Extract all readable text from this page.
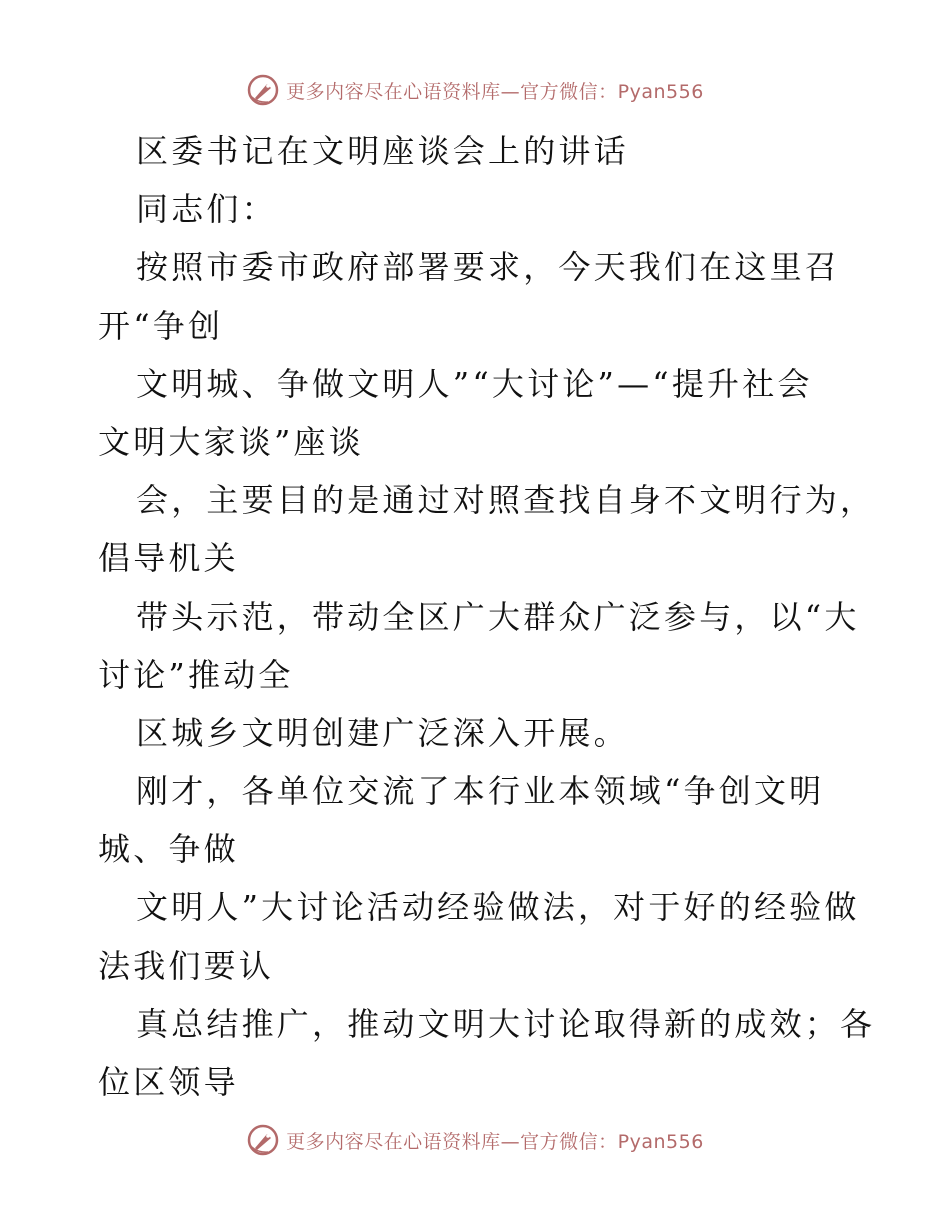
更多内容尽在心语资料库—官方微信：Pyan556
区委书记在文明座谈会上的讲话
同志们：
按照市委市政府部署要求，今天我们在这里召
开“争创
文明城、争做文明人”“大讨论”—“提升社会
文明大家谈”座谈
会，主要目的是通过对照查找自身不文明行为，
倡导机关
带头示范，带动全区广大群众广泛参与，以“大
讨论”推动全
区城乡文明创建广泛深入开展。
刚才，各单位交流了本行业本领域“争创文明
城、争做
文明人”大讨论活动经验做法，对于好的经验做
法我们要认
真总结推广，推动文明大讨论取得新的成效；各
位区领导
更多内容尽在心语资料库—官方微信：Pyan556
